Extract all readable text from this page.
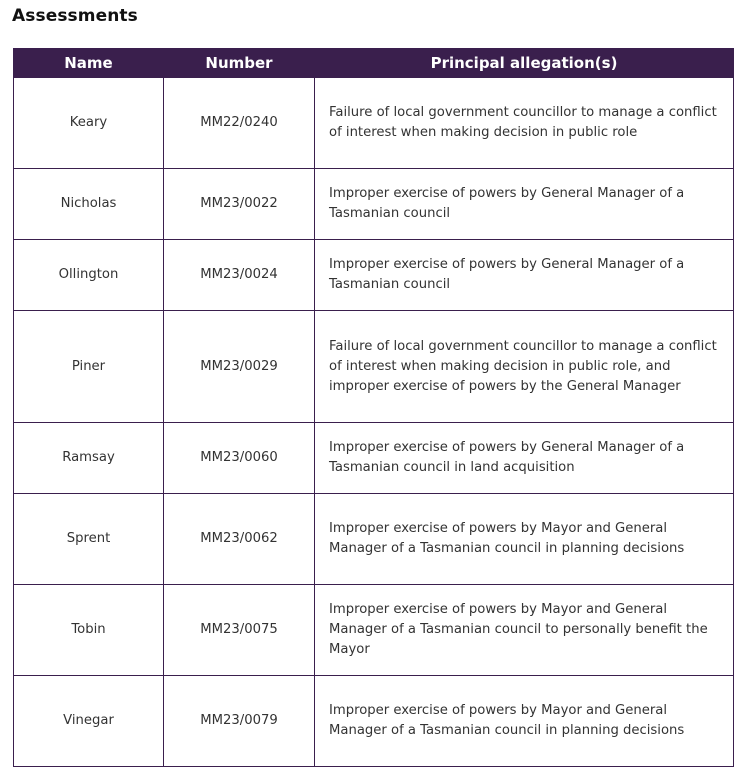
Assessments
Name	Number	Principal allegation(s)
Keary	MM22/0240	Failure of local government councillor to manage a conflict of interest when making decision in public role
Nicholas	MM23/0022	Improper exercise of powers by General Manager of a Tasmanian council
Ollington	MM23/0024	Improper exercise of powers by General Manager of a Tasmanian council
Piner	MM23/0029	Failure of local government councillor to manage a conflict of interest when making decision in public role, and improper exercise of powers by the General Manager
Ramsay	MM23/0060	Improper exercise of powers by General Manager of a Tasmanian council in land acquisition
Sprent	MM23/0062	Improper exercise of powers by Mayor and General Manager of a Tasmanian council in planning decisions
Tobin	MM23/0075	Improper exercise of powers by Mayor and General Manager of a Tasmanian council to personally benefit the Mayor
Vinegar	MM23/0079	Improper exercise of powers by Mayor and General Manager of a Tasmanian council in planning decisions
